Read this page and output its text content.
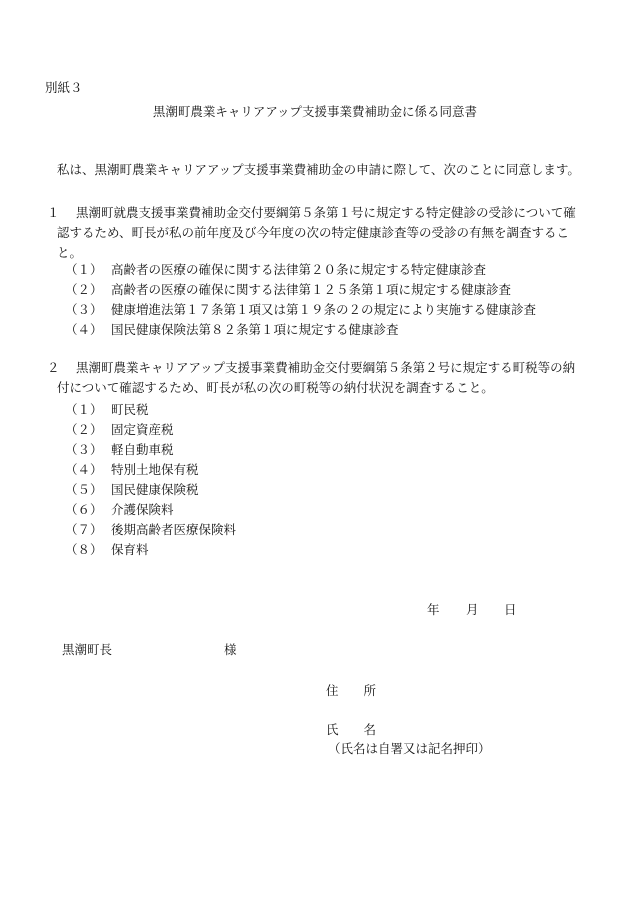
別紙３
黒潮町農業キャリアアップ支援事業費補助金に係る同意書
私は、黒潮町農業キャリアアップ支援事業費補助金の申請に際して、次のことに同意します。
１	黒潮町就農支援事業費補助金交付要綱第５条第１号に規定する特定健診の受診について確認するため、町長が私の前年度及び今年度の次の特定健康診査等の受診の有無を調査すること。
（１） 高齢者の医療の確保に関する法律第２０条に規定する特定健康診査
（２） 高齢者の医療の確保に関する法律第１２５条第１項に規定する健康診査
（３） 健康増進法第１７条第１項又は第１９条の２の規定により実施する健康診査
（４） 国民健康保険法第８２条第１項に規定する健康診査
２	黒潮町農業キャリアアップ支援事業費補助金交付要綱第５条第２号に規定する町税等の納付について確認するため、町長が私の次の町税等の納付状況を調査すること。
（１） 町民税
（２） 固定資産税
（３） 軽自動車税
（４） 特別土地保有税
（５） 国民健康保険税
（６） 介護保険料
（７） 後期高齢者医療保険料
（８） 保育料
年 月 日
黒潮町長	様
住　　所
氏　　名
（氏名は自署又は記名押印）
